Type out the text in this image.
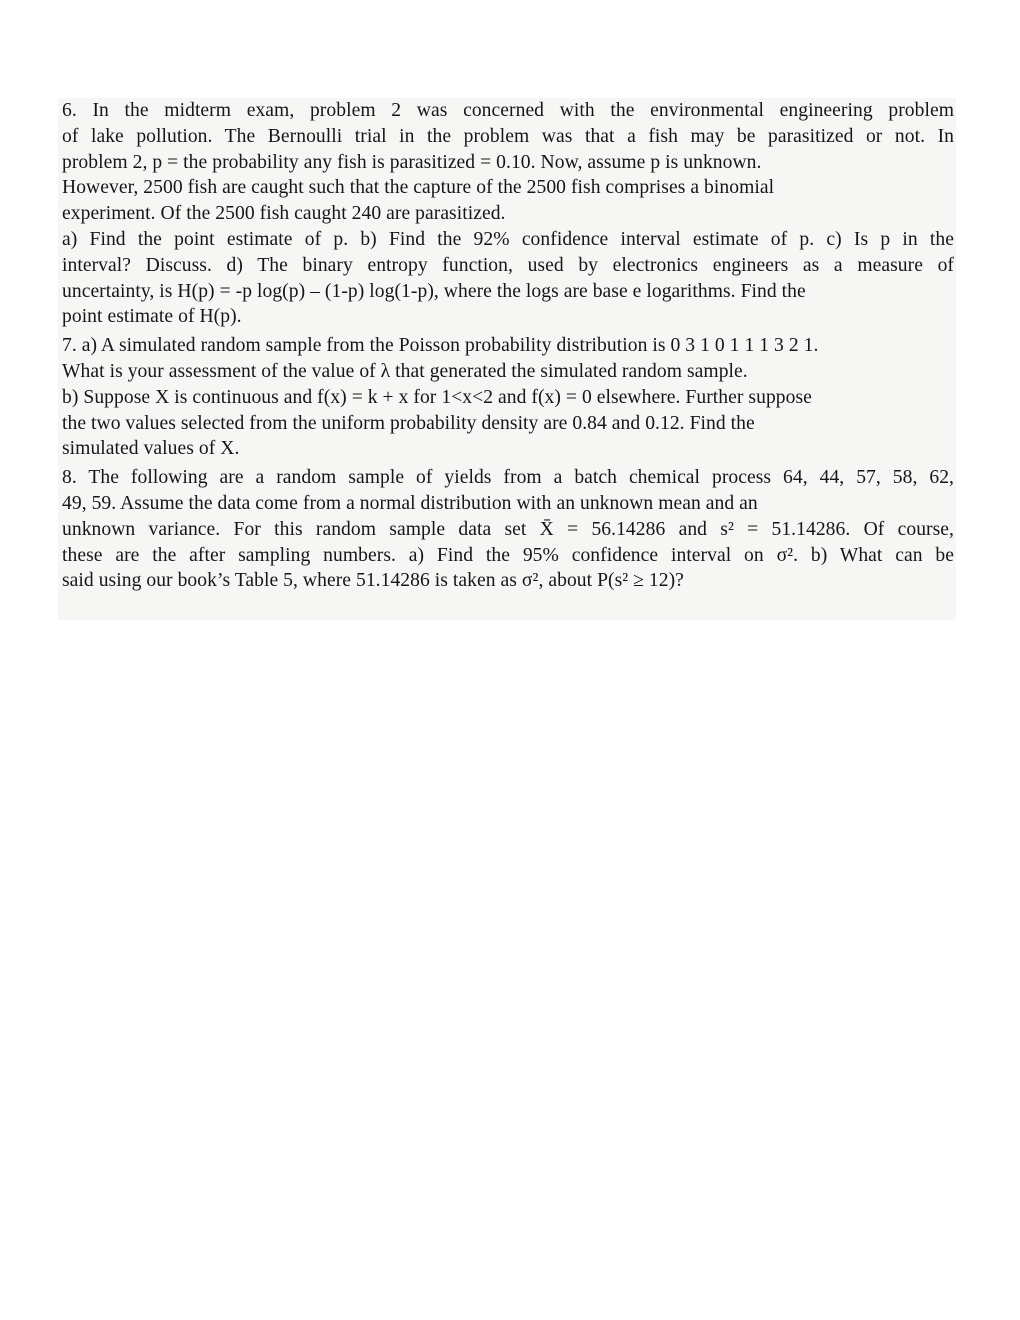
6. In the midterm exam, problem 2 was concerned with the environmental engineering problem
of lake pollution. The Bernoulli trial in the problem was that a fish may be parasitized or not. In
problem 2, p = the probability any fish is parasitized = 0.10. Now, assume p is unknown.
However, 2500 fish are caught such that the capture of the 2500 fish comprises a binomial
experiment. Of the 2500 fish caught 240 are parasitized.
a) Find the point estimate of p. b) Find the 92% confidence interval estimate of p. c) Is p in the
interval? Discuss. d) The binary entropy function, used by electronics engineers as a measure of
uncertainty, is H(p) = -p log(p) – (1-p) log(1-p), where the logs are base e logarithms. Find the
point estimate of H(p).
7. a) A simulated random sample from the Poisson probability distribution is 0 3 1 0 1 1 1 3 2 1.
What is your assessment of the value of λ that generated the simulated random sample.
b) Suppose X is continuous and f(x) = k + x for 1<x<2 and f(x) = 0 elsewhere. Further suppose
the two values selected from the uniform probability density are 0.84 and 0.12. Find the
simulated values of X.
8. The following are a random sample of yields from a batch chemical process 64, 44, 57, 58, 62,
49, 59. Assume the data come from a normal distribution with an unknown mean and an
unknown variance. For this random sample data set X̄ = 56.14286 and s² = 51.14286. Of course,
these are the after sampling numbers. a) Find the 95% confidence interval on σ². b) What can be
said using our book’s Table 5, where 51.14286 is taken as σ², about P(s² ≥ 12)?
